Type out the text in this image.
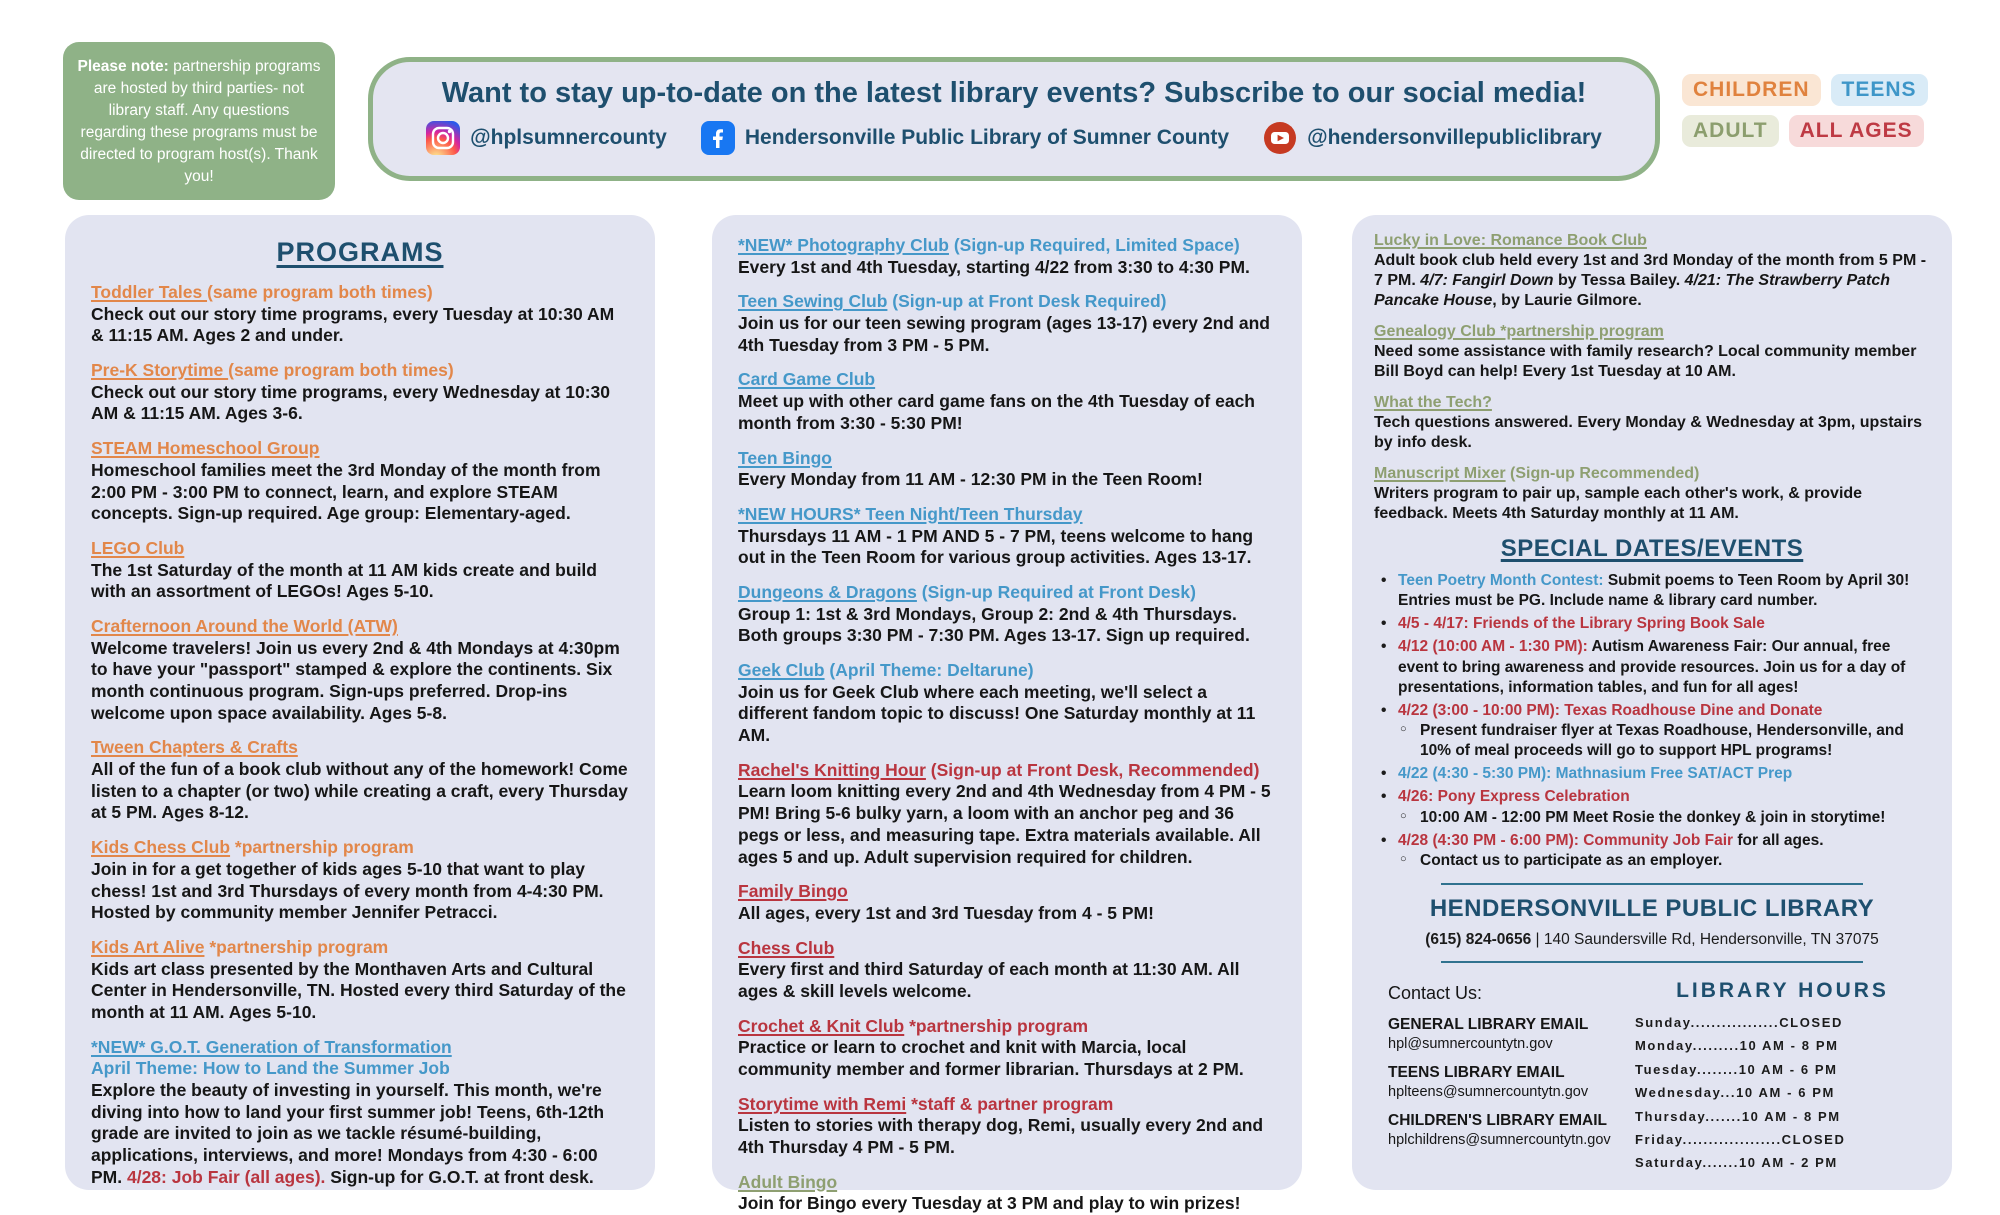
Please note: partnership programs are hosted by third parties- not library staff. Any questions regarding these programs must be directed to program host(s). Thank you!
Want to stay up-to-date on the latest library events? Subscribe to our social media!
@hplsumnercounty	Hendersonville Public Library of Sumner County	@hendersonvillepubliclibrary
CHILDREN	TEENS
ADULT	ALL AGES
PROGRAMS
Toddler Tales (same program both times)
Check out our story time programs, every Tuesday at 10:30 AM & 11:15 AM. Ages 2 and under.
Pre-K Storytime (same program both times)
Check out our story time programs, every Wednesday at 10:30 AM & 11:15 AM. Ages 3-6.
STEAM Homeschool Group
Homeschool families meet the 3rd Monday of the month from 2:00 PM - 3:00 PM to connect, learn, and explore STEAM concepts. Sign-up required. Age group: Elementary-aged.
LEGO Club
The 1st Saturday of the month at 11 AM kids create and build with an assortment of LEGOs! Ages 5-10.
Crafternoon Around the World (ATW)
Welcome travelers! Join us every 2nd & 4th Mondays at 4:30pm to have your "passport" stamped & explore the continents. Six month continuous program. Sign-ups preferred. Drop-ins welcome upon space availability. Ages 5-8.
Tween Chapters & Crafts
All of the fun of a book club without any of the homework! Come listen to a chapter (or two) while creating a craft, every Thursday at 5 PM. Ages 8-12.
Kids Chess Club *partnership program
Join in for a get together of kids ages 5-10 that want to play chess! 1st and 3rd Thursdays of every month from 4-4:30 PM. Hosted by community member Jennifer Petracci.
Kids Art Alive *partnership program
Kids art class presented by the Monthaven Arts and Cultural Center in Hendersonville, TN. Hosted every third Saturday of the month at 11 AM. Ages 5-10.
*NEW* G.O.T. Generation of Transformation
April Theme: How to Land the Summer Job
Explore the beauty of investing in yourself. This month, we're diving into how to land your first summer job! Teens, 6th-12th grade are invited to join as we tackle résumé-building, applications, interviews, and more! Mondays from 4:30 - 6:00 PM. 4/28: Job Fair (all ages). Sign-up for G.O.T. at front desk.
*NEW* Photography Club (Sign-up Required, Limited Space)
Every 1st and 4th Tuesday, starting 4/22 from 3:30 to 4:30 PM.
Teen Sewing Club (Sign-up at Front Desk Required)
Join us for our teen sewing program (ages 13-17) every 2nd and 4th Tuesday from 3 PM - 5 PM.
Card Game Club
Meet up with other card game fans on the 4th Tuesday of each month from 3:30 - 5:30 PM!
Teen Bingo
Every Monday from 11 AM - 12:30 PM in the Teen Room!
*NEW HOURS* Teen Night/Teen Thursday
Thursdays 11 AM - 1 PM AND 5 - 7 PM, teens welcome to hang out in the Teen Room for various group activities. Ages 13-17.
Dungeons & Dragons (Sign-up Required at Front Desk)
Group 1: 1st & 3rd Mondays, Group 2: 2nd & 4th Thursdays. Both groups 3:30 PM - 7:30 PM. Ages 13-17. Sign up required.
Geek Club (April Theme: Deltarune)
Join us for Geek Club where each meeting, we'll select a different fandom topic to discuss! One Saturday monthly at 11 AM.
Rachel's Knitting Hour (Sign-up at Front Desk, Recommended)
Learn loom knitting every 2nd and 4th Wednesday from 4 PM - 5 PM! Bring 5-6 bulky yarn, a loom with an anchor peg and 36 pegs or less, and measuring tape. Extra materials available. All ages 5 and up. Adult supervision required for children.
Family Bingo
All ages, every 1st and 3rd Tuesday from 4 - 5 PM!
Chess Club
Every first and third Saturday of each month at 11:30 AM. All ages & skill levels welcome.
Crochet & Knit Club *partnership program
Practice or learn to crochet and knit with Marcia, local community member and former librarian. Thursdays at 2 PM.
Storytime with Remi *staff & partner program
Listen to stories with therapy dog, Remi, usually every 2nd and 4th Thursday 4 PM - 5 PM.
Adult Bingo
Join for Bingo every Tuesday at 3 PM and play to win prizes!
Lucky in Love: Romance Book Club
Adult book club held every 1st and 3rd Monday of the month from 5 PM - 7 PM. 4/7: Fangirl Down by Tessa Bailey. 4/21: The Strawberry Patch Pancake House, by Laurie Gilmore.
Genealogy Club *partnership program
Need some assistance with family research? Local community member Bill Boyd can help! Every 1st Tuesday at 10 AM.
What the Tech?
Tech questions answered. Every Monday & Wednesday at 3pm, upstairs by info desk.
Manuscript Mixer (Sign-up Recommended)
Writers program to pair up, sample each other's work, & provide feedback. Meets 4th Saturday monthly at 11 AM.
SPECIAL DATES/EVENTS
• Teen Poetry Month Contest: Submit poems to Teen Room by April 30! Entries must be PG. Include name & library card number.
• 4/5 - 4/17: Friends of the Library Spring Book Sale
• 4/12 (10:00 AM - 1:30 PM): Autism Awareness Fair: Our annual, free event to bring awareness and provide resources. Join us for a day of presentations, information tables, and fun for all ages!
• 4/22 (3:00 - 10:00 PM): Texas Roadhouse Dine and Donate
○ Present fundraiser flyer at Texas Roadhouse, Hendersonville, and 10% of meal proceeds will go to support HPL programs!
• 4/22 (4:30 - 5:30 PM): Mathnasium Free SAT/ACT Prep
• 4/26: Pony Express Celebration
○ 10:00 AM - 12:00 PM Meet Rosie the donkey & join in storytime!
• 4/28 (4:30 PM - 6:00 PM): Community Job Fair for all ages.
○ Contact us to participate as an employer.
HENDERSONVILLE PUBLIC LIBRARY
(615) 824-0656 | 140 Saundersville Rd, Hendersonville, TN 37075
Contact Us:
GENERAL LIBRARY EMAIL
hpl@sumnercountytn.gov
TEENS LIBRARY EMAIL
hplteens@sumnercountytn.gov
CHILDREN'S LIBRARY EMAIL
hplchildrens@sumnercountytn.gov
LIBRARY HOURS
Sunday.................CLOSED
Monday.........10 AM - 8 PM
Tuesday........10 AM - 6 PM
Wednesday...10 AM - 6 PM
Thursday.......10 AM - 8 PM
Friday...................CLOSED
Saturday.......10 AM - 2 PM
